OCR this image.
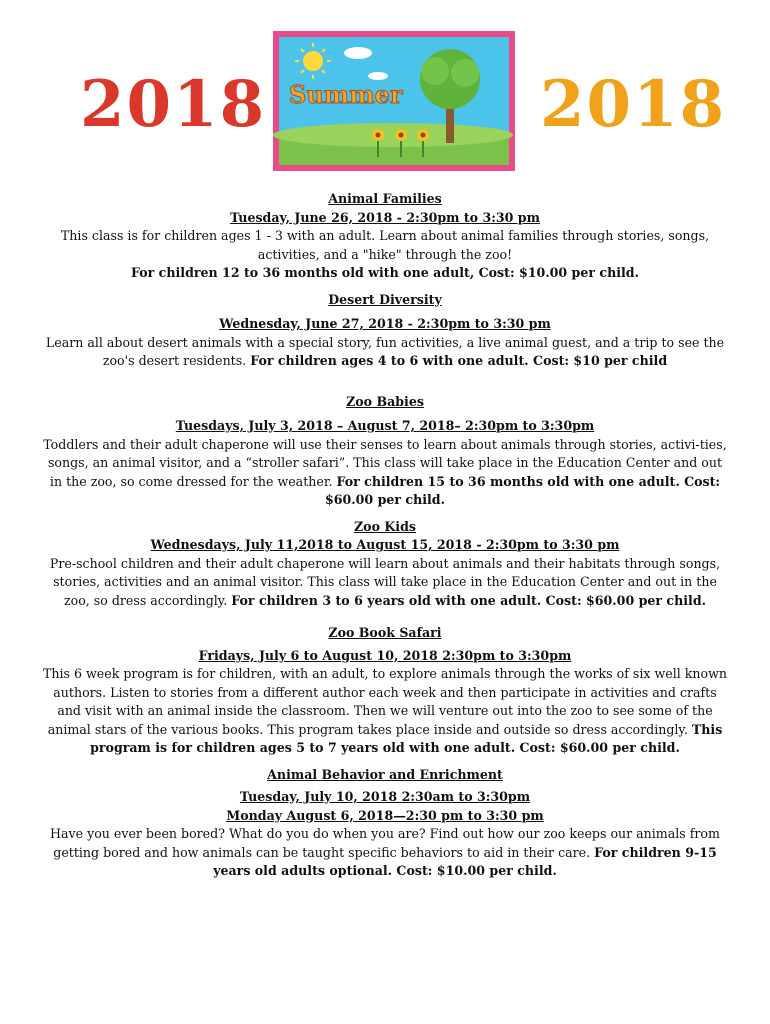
2018 Summer 2018

Animal Families

Tuesday, June 26, 2018 - 2:30pm to 3:30 pm

This class is for children ages 1 - 3 with an adult. Learn about animal families through stories, songs, activities, and a "hike" through the zoo!

For children 12 to 36 months old with one adult, Cost: $10.00 per child.

Desert Diversity

Wednesday, June 27, 2018 - 2:30pm to 3:30 pm

Learn all about desert animals with a special story, fun activities, a live animal guest, and a trip to see the zoo's desert residents. For children ages 4 to 6 with one adult. Cost: $10 per child

Zoo Babies

Tuesdays, July 3, 2018 – August 7, 2018– 2:30pm to 3:30pm

Toddlers and their adult chaperone will use their senses to learn about animals through stories, activi-ties, songs, an animal visitor, and a “stroller safari”. This class will take place in the Education Center and out in the zoo, so come dressed for the weather. For children 15 to 36 months old with one adult. Cost: $60.00 per child.

Zoo Kids

Wednesdays, July 11,2018 to August 15, 2018 - 2:30pm to 3:30 pm

Pre-school children and their adult chaperone will learn about animals and their habitats through songs, stories, activities and an animal visitor. This class will take place in the Education Center and out in the zoo, so dress accordingly. For children 3 to 6 years old with one adult. Cost: $60.00 per child.

Zoo Book Safari

Fridays, July 6 to August 10, 2018 2:30pm to 3:30pm

This 6 week program is for children, with an adult, to explore animals through the works of six well known authors. Listen to stories from a different author each week and then participate in activities and crafts and visit with an animal inside the classroom. Then we will venture out into the zoo to see some of the animal stars of the various books. This program takes place inside and outside so dress accordingly. This program is for children ages 5 to 7 years old with one adult. Cost: $60.00 per child.

Animal Behavior and Enrichment

Tuesday, July 10, 2018 2:30am to 3:30pm

Monday August 6, 2018—2:30 pm to 3:30 pm

Have you ever been bored? What do you do when you are? Find out how our zoo keeps our animals from getting bored and how animals can be taught specific behaviors to aid in their care. For children 9-15 years old adults optional. Cost: $10.00 per child.
